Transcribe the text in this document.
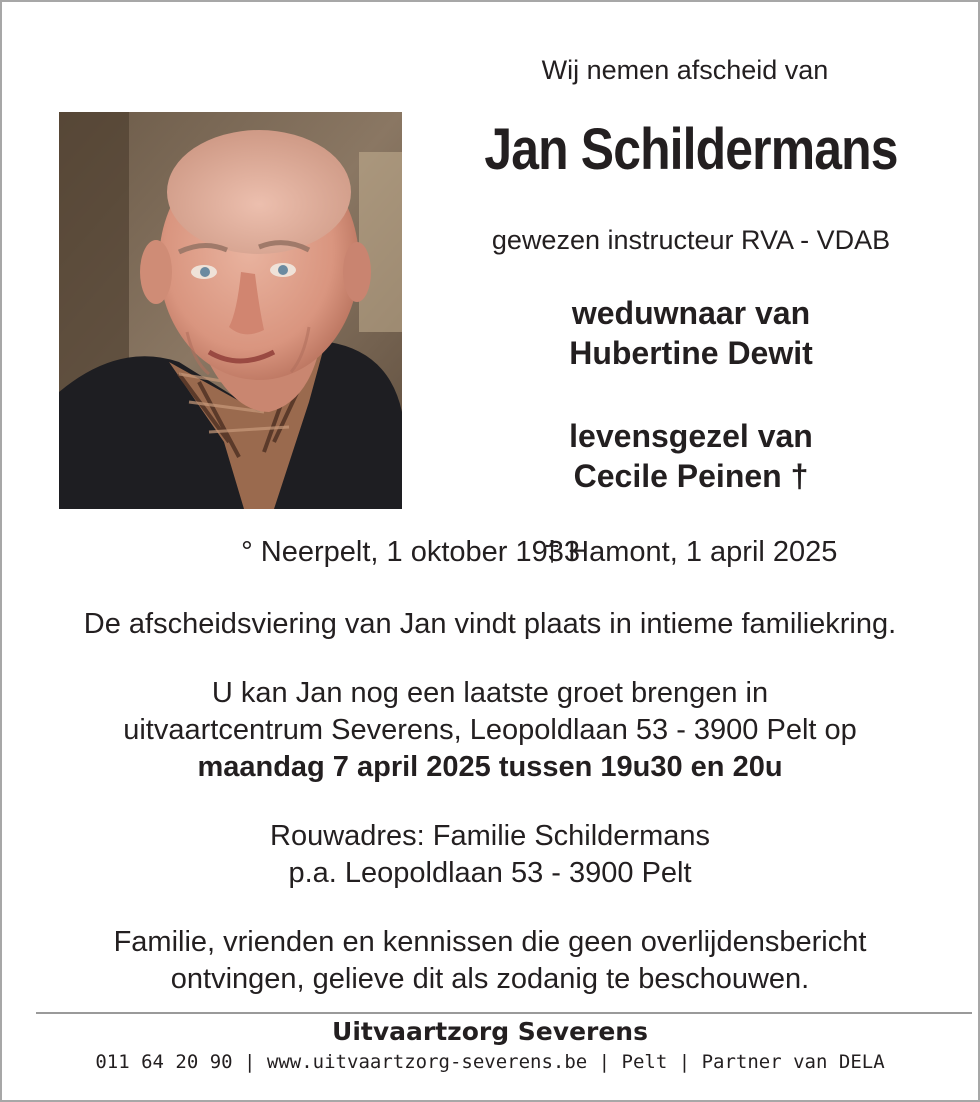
Wij nemen afscheid van
Jan Schildermans
gewezen instructeur RVA - VDAB
weduwnaar van
Hubertine Dewit
levensgezel van
Cecile Peinen †
° Neerpelt, 1 oktober 1933
† Hamont, 1 april 2025
De afscheidsviering van Jan vindt plaats in intieme familiekring.
U kan Jan nog een laatste groet brengen in
uitvaartcentrum Severens, Leopoldlaan 53 - 3900 Pelt op
maandag 7 april 2025 tussen 19u30 en 20u
Rouwadres: Familie Schildermans
p.a. Leopoldlaan 53 - 3900 Pelt
Familie, vrienden en kennissen die geen overlijdensbericht
ontvingen, gelieve dit als zodanig te beschouwen.
Uitvaartzorg Severens
011 64 20 90 | www.uitvaartzorg-severens.be | Pelt | Partner van DELA
